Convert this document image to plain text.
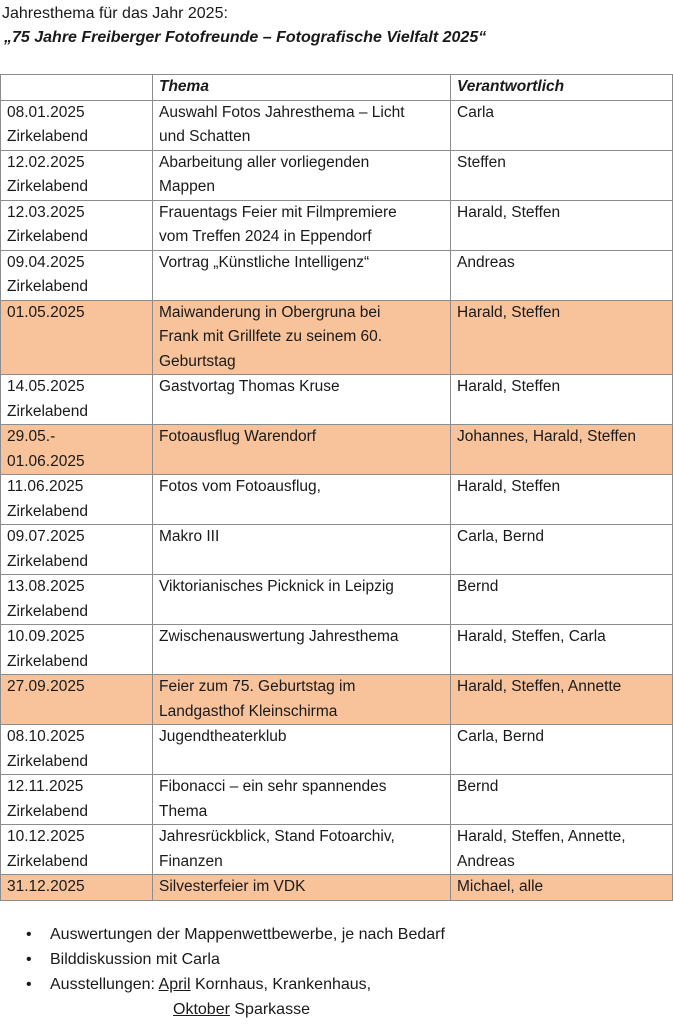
Jahresthema für das Jahr 2025:
„75 Jahre Freiberger Fotofreunde – Fotografische Vielfalt 2025“
	Thema	Verantwortlich

08.01.2025
Zirkelabend	Auswahl Fotos Jahresthema – Licht
und Schatten	Carla

12.02.2025
Zirkelabend	Abarbeitung aller vorliegenden
Mappen	Steffen

12.03.2025
Zirkelabend	Frauentags Feier mit Filmpremiere
vom Treffen 2024 in Eppendorf	Harald, Steffen

09.04.2025
Zirkelabend	Vortrag „Künstliche Intelligenz“	Andreas

01.05.2025	Maiwanderung in Obergruna bei
Frank mit Grillfete zu seinem 60.
Geburtstag	Harald, Steffen

14.05.2025
Zirkelabend	Gastvortag Thomas Kruse	Harald, Steffen

29.05.-
01.06.2025	Fotoausflug Warendorf	Johannes, Harald, Steffen

11.06.2025
Zirkelabend	Fotos vom Fotoausflug,	Harald, Steffen

09.07.2025
Zirkelabend	Makro III	Carla, Bernd

13.08.2025
Zirkelabend	Viktorianisches Picknick in Leipzig	Bernd

10.09.2025
Zirkelabend	Zwischenauswertung Jahresthema	Harald, Steffen, Carla

27.09.2025	Feier zum 75. Geburtstag im
Landgasthof Kleinschirma	Harald, Steffen, Annette

08.10.2025
Zirkelabend	Jugendtheaterklub	Carla, Bernd

12.11.2025
Zirkelabend	Fibonacci – ein sehr spannendes
Thema	Bernd

10.12.2025
Zirkelabend	Jahresrückblick, Stand Fotoarchiv,
Finanzen	Harald, Steffen, Annette,
Andreas

31.12.2025	Silvesterfeier im VDK	Michael, alle
• Auswertungen der Mappenwettbewerbe, je nach Bedarf
• Bilddiskussion mit Carla
• Ausstellungen: April Kornhaus, Krankenhaus,
Oktober Sparkasse
